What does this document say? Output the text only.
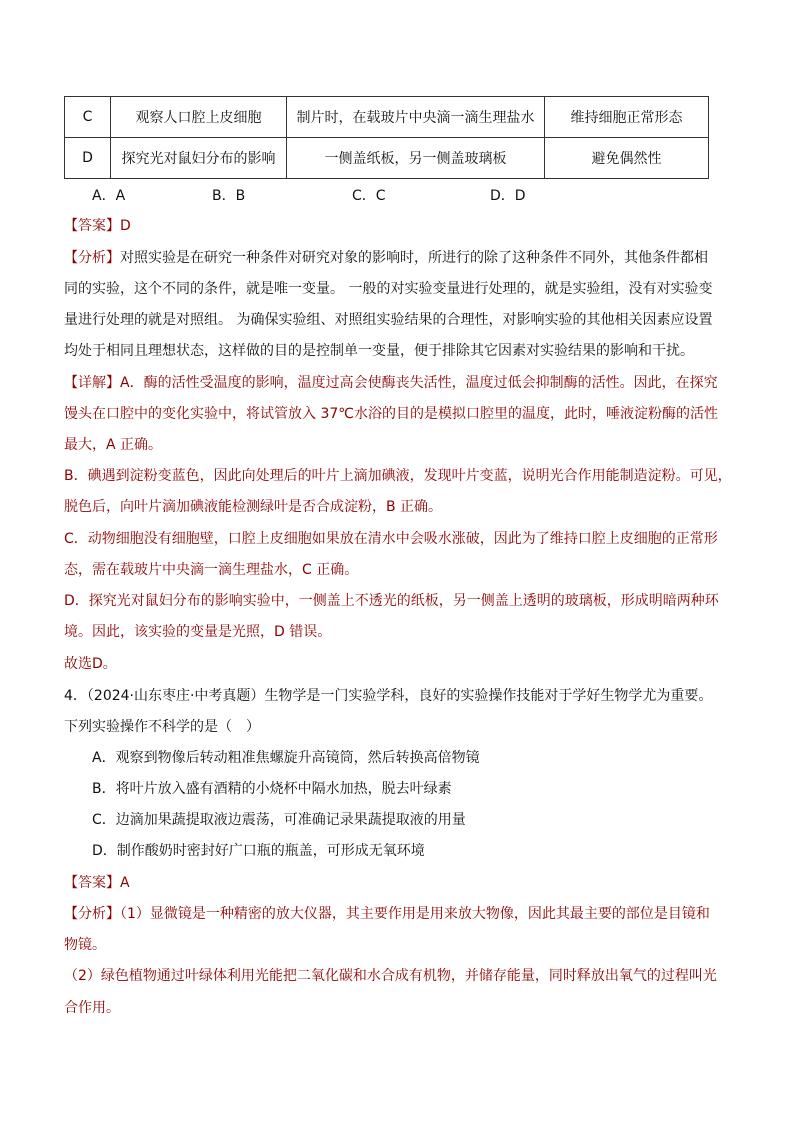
C	观察人口腔上皮细胞	制片时，在载玻片中央滴一滴生理盐水	维持细胞正常形态
D	探究光对鼠妇分布的影响	一侧盖纸板，另一侧盖玻璃板	避免偶然性
A．A	B．B	C．C	D．D
【答案】D
【分析】对照实验是在研究一种条件对研究对象的影响时，所进行的除了这种条件不同外，其他条件都相
同的实验，这个不同的条件，就是唯一变量。 一般的对实验变量进行处理的，就是实验组，没有对实验变
量进行处理的就是对照组。 为确保实验组、对照组实验结果的合理性，对影响实验的其他相关因素应设置
均处于相同且理想状态，这样做的目的是控制单一变量，便于排除其它因素对实验结果的影响和干扰。
【详解】A．酶的活性受温度的影响，温度过高会使酶丧失活性，温度过低会抑制酶的活性。因此，在探究
馒头在口腔中的变化实验中，将试管放入 37℃水浴的目的是模拟口腔里的温度，此时，唾液淀粉酶的活性
最大，A 正确。
B．碘遇到淀粉变蓝色，因此向处理后的叶片上滴加碘液，发现叶片变蓝，说明光合作用能制造淀粉。可见，
脱色后，向叶片滴加碘液能检测绿叶是否合成淀粉，B 正确。
C．动物细胞没有细胞壁，口腔上皮细胞如果放在清水中会吸水涨破，因此为了维持口腔上皮细胞的正常形
态，需在载玻片中央滴一滴生理盐水，C 正确。
D．探究光对鼠妇分布的影响实验中，一侧盖上不透光的纸板，另一侧盖上透明的玻璃板，形成明暗两种环
境。因此，该实验的变量是光照，D 错误。
故选D。
4．（2024·山东枣庄·中考真题）生物学是一门实验学科，良好的实验操作技能对于学好生物学尤为重要。
下列实验操作不科学的是（　）
A．观察到物像后转动粗准焦螺旋升高镜筒，然后转换高倍物镜
B．将叶片放入盛有酒精的小烧杯中隔水加热，脱去叶绿素
C．边滴加果蔬提取液边震荡，可准确记录果蔬提取液的用量
D．制作酸奶时密封好广口瓶的瓶盖，可形成无氧环境
【答案】A
【分析】（1）显微镜是一种精密的放大仪器，其主要作用是用来放大物像，因此其最主要的部位是目镜和
物镜。
（2）绿色植物通过叶绿体利用光能把二氧化碳和水合成有机物，并储存能量，同时释放出氧气的过程叫光
合作用。
